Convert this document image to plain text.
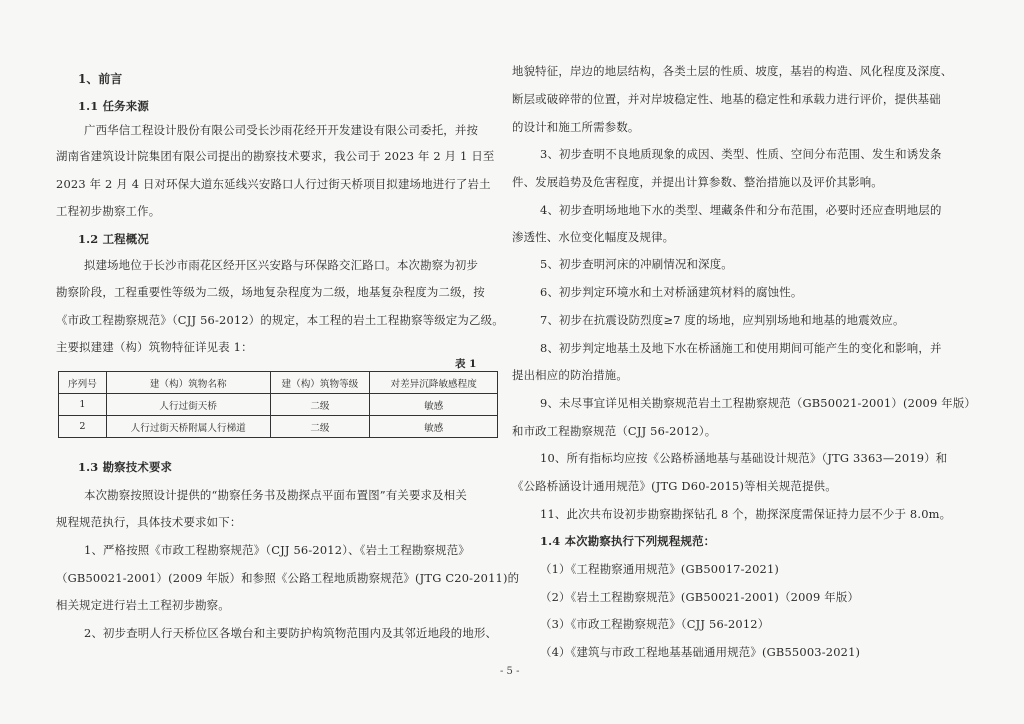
1、前言
1.1 任务来源
广西华信工程设计股份有限公司受长沙雨花经开开发建设有限公司委托，并按
湖南省建筑设计院集团有限公司提出的勘察技术要求，我公司于 2023 年 2 月 1 日至
2023 年 2 月 4 日对环保大道东延线兴安路口人行过街天桥项目拟建场地进行了岩土
工程初步勘察工作。
1.2 工程概况
拟建场地位于长沙市雨花区经开区兴安路与环保路交汇路口。本次勘察为初步
勘察阶段，工程重要性等级为二级，场地复杂程度为二级，地基复杂程度为二级，按
《市政工程勘察规范》（CJJ 56-2012）的规定，本工程的岩土工程勘察等级定为乙级。
主要拟建建（构）筑物特征详见表 1：
表 1
序列号	建（构）筑物名称	建（构）筑物等级	对差异沉降敏感程度
1	人行过街天桥	二级	敏感
2	人行过街天桥附属人行梯道	二级	敏感
1.3 勘察技术要求
本次勘察按照设计提供的“勘察任务书及勘探点平面布置图”有关要求及相关
规程规范执行，具体技术要求如下：
1、严格按照《市政工程勘察规范》（CJJ 56-2012）、《岩土工程勘察规范》
（GB50021-2001）(2009 年版）和参照《公路工程地质勘察规范》(JTG C20-2011)的
相关规定进行岩土工程初步勘察。
2、初步查明人行天桥位区各墩台和主要防护构筑物范围内及其邻近地段的地形、
地貌特征，岸边的地层结构，各类土层的性质、坡度，基岩的构造、风化程度及深度、
断层或破碎带的位置，并对岸坡稳定性、地基的稳定性和承载力进行评价，提供基础
的设计和施工所需参数。
3、初步查明不良地质现象的成因、类型、性质、空间分布范围、发生和诱发条
件、发展趋势及危害程度，并提出计算参数、整治措施以及评价其影响。
4、初步查明场地地下水的类型、埋藏条件和分布范围，必要时还应查明地层的
渗透性、水位变化幅度及规律。
5、初步查明河床的冲刷情况和深度。
6、初步判定环境水和土对桥涵建筑材料的腐蚀性。
7、初步在抗震设防烈度≥7 度的场地，应判别场地和地基的地震效应。
8、初步判定地基土及地下水在桥涵施工和使用期间可能产生的变化和影响，并
提出相应的防治措施。
9、未尽事宜详见相关勘察规范岩土工程勘察规范（GB50021-2001）(2009 年版）
和市政工程勘察规范（CJJ 56-2012）。
10、所有指标均应按《公路桥涵地基与基础设计规范》（JTG 3363—2019）和
《公路桥涵设计通用规范》(JTG D60-2015)等相关规范提供。
11、此次共布设初步勘察勘探钻孔 8 个，勘探深度需保证持力层不少于 8.0m。
1.4 本次勘察执行下列规程规范：
（1）《工程勘察通用规范》(GB50017-2021)
（2）《岩土工程勘察规范》(GB50021-2001)（2009 年版）
（3）《市政工程勘察规范》（CJJ 56-2012）
（4）《建筑与市政工程地基基础通用规范》(GB55003-2021)
- 5 -
